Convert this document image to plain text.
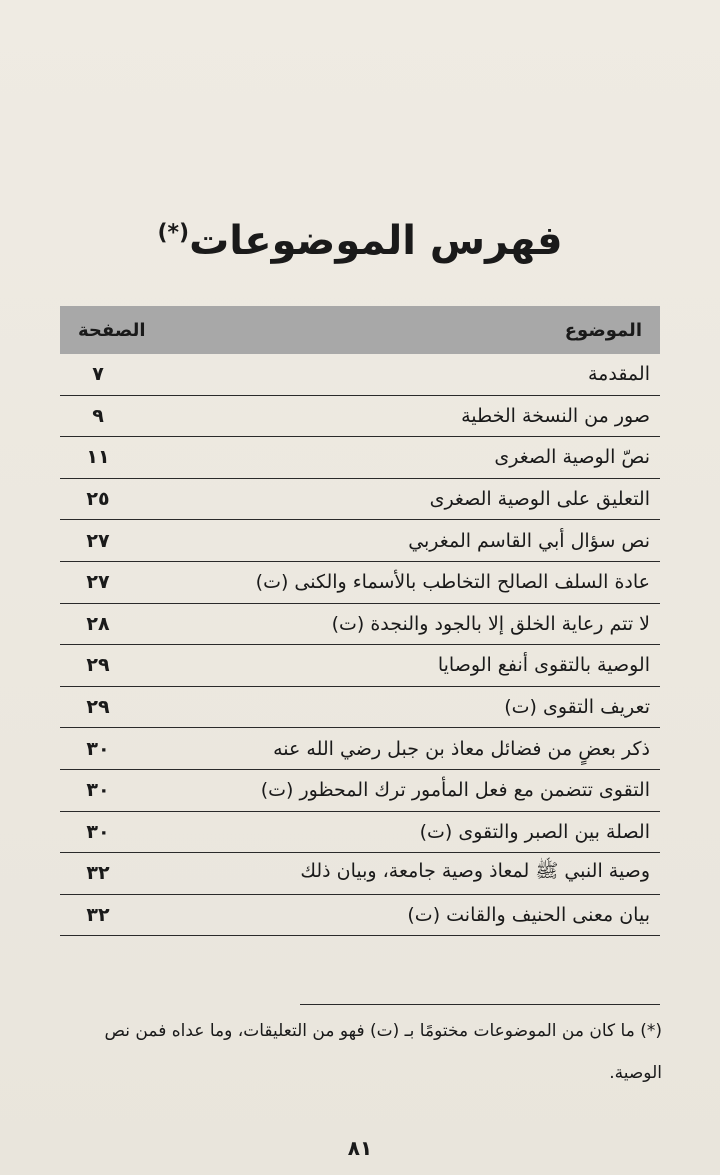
فهرس الموضوعات(*)
الموضوع
الصفحة
المقدمة
٧
صور من النسخة الخطية
٩
نصّ الوصية الصغرى
١١
التعليق على الوصية الصغرى
٢٥
نص سؤال أبي القاسم المغربي
٢٧
عادة السلف الصالح التخاطب بالأسماء والكنى (ت)
٢٧
لا تتم رعاية الخلق إلا بالجود والنجدة (ت)
٢٨
الوصية بالتقوى أنفع الوصايا
٢٩
تعريف التقوى (ت)
٢٩
ذكر بعضٍ من فضائل معاذ بن جبل رضي الله عنه
٣٠
التقوى تتضمن مع فعل المأمور ترك المحظور (ت)
٣٠
الصلة بين الصبر والتقوى (ت)
٣٠
وصية النبي ﷺ لمعاذ وصية جامعة، وبيان ذلك
٣٢
بيان معنى الحنيف والقانت (ت)
٣٢
(*) ما كان من الموضوعات مختومًا بـ (ت) فهو من التعليقات، وما عداه فمن نص الوصية.
٨١
